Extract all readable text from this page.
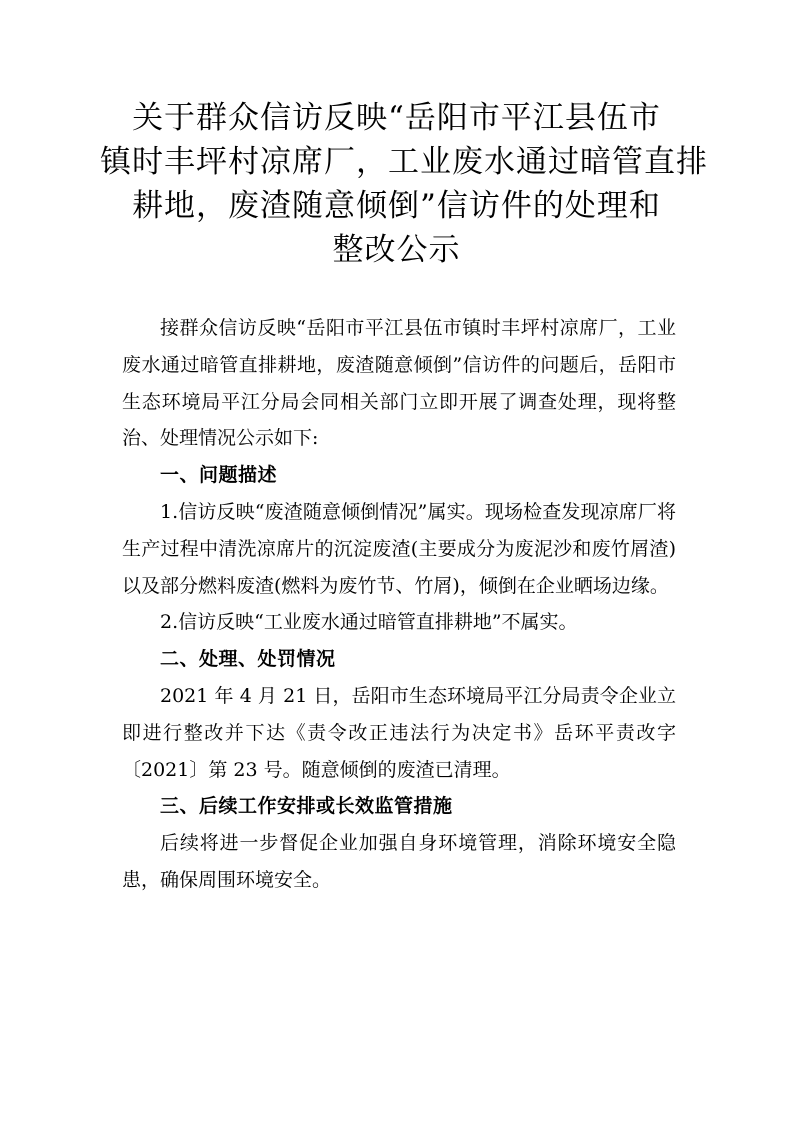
关于群众信访反映“岳阳市平江县伍市
镇时丰坪村凉席厂，工业废水通过暗管直排
耕地，废渣随意倾倒”信访件的处理和
整改公示

接群众信访反映“岳阳市平江县伍市镇时丰坪村凉席厂，工业废水通过暗管直排耕地，废渣随意倾倒”信访件的问题后，岳阳市生态环境局平江分局会同相关部门立即开展了调查处理，现将整治、处理情况公示如下:

一、问题描述

1.信访反映“废渣随意倾倒情况”属实。现场检查发现凉席厂将生产过程中清洗凉席片的沉淀废渣(主要成分为废泥沙和废竹屑渣)以及部分燃料废渣(燃料为废竹节、竹屑)，倾倒在企业晒场边缘。

2.信访反映“工业废水通过暗管直排耕地”不属实。

二、处理、处罚情况

2021 年 4 月 21 日，岳阳市生态环境局平江分局责令企业立即进行整改并下达《责令改正违法行为决定书》岳环平责改字〔2021〕第 23 号。随意倾倒的废渣已清理。

三、后续工作安排或长效监管措施

后续将进一步督促企业加强自身环境管理，消除环境安全隐患，确保周围环境安全。
